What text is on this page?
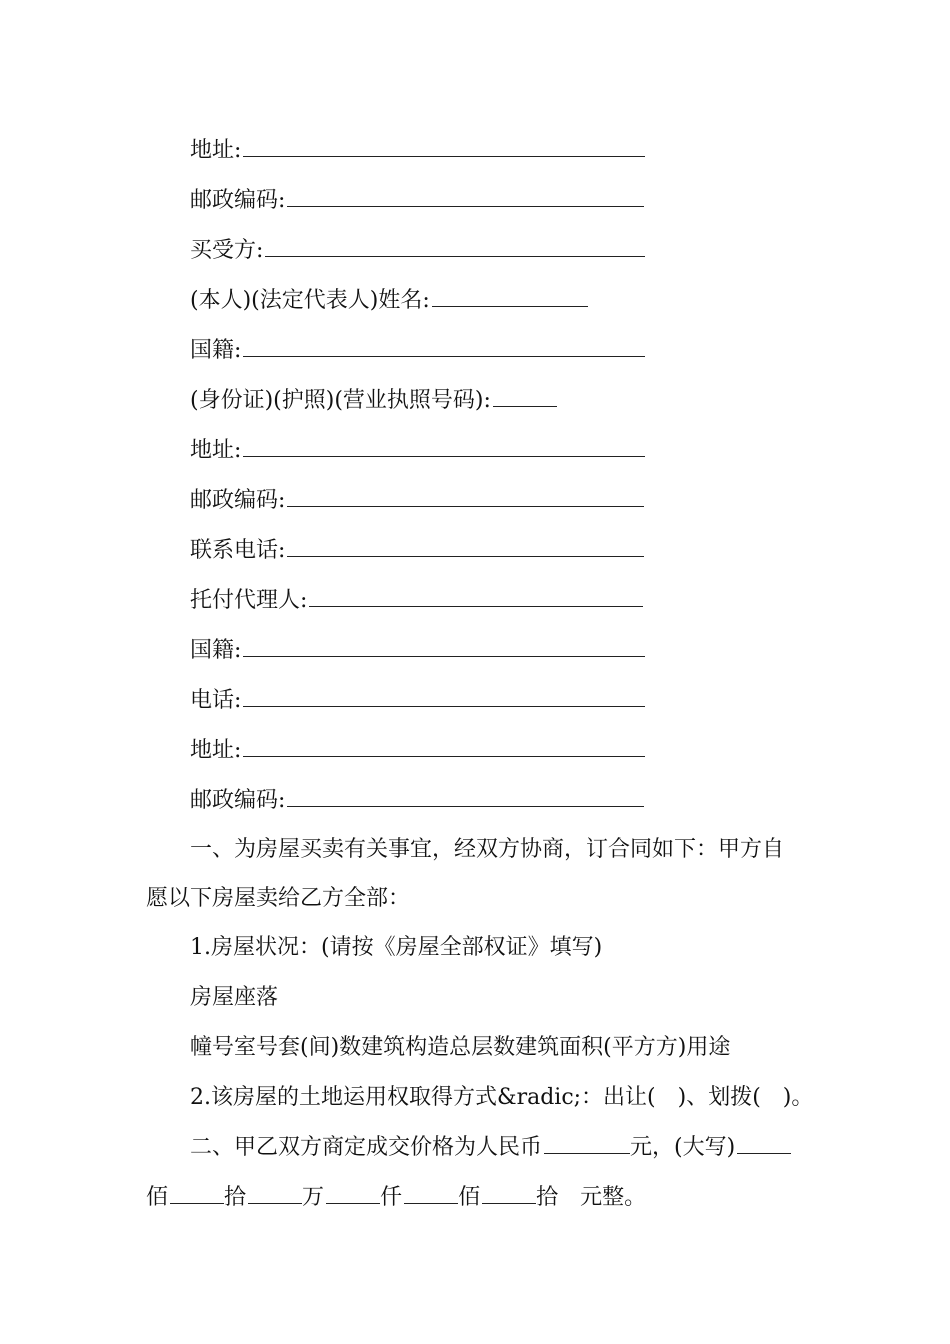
地址:
邮政编码:
买受方:
(本人)(法定代表人)姓名:
国籍:
(身份证)(护照)(营业执照号码):
地址:
邮政编码:
联系电话:
托付代理人:
国籍:
电话:
地址:
邮政编码:
一、为房屋买卖有关事宜，经双方协商，订合同如下：甲方自
愿以下房屋卖给乙方全部：
1.房屋状况：(请按《房屋全部权证》填写)
房屋座落
幢号室号套(间)数建筑构造总层数建筑面积(平方方)用途
2.该房屋的土地运用权取得方式&radic;：出让(　)、划拨(　)。
二、甲乙双方商定成交价格为人民币	元，(大写)
佰	拾	万	仟	佰	拾 元整。
